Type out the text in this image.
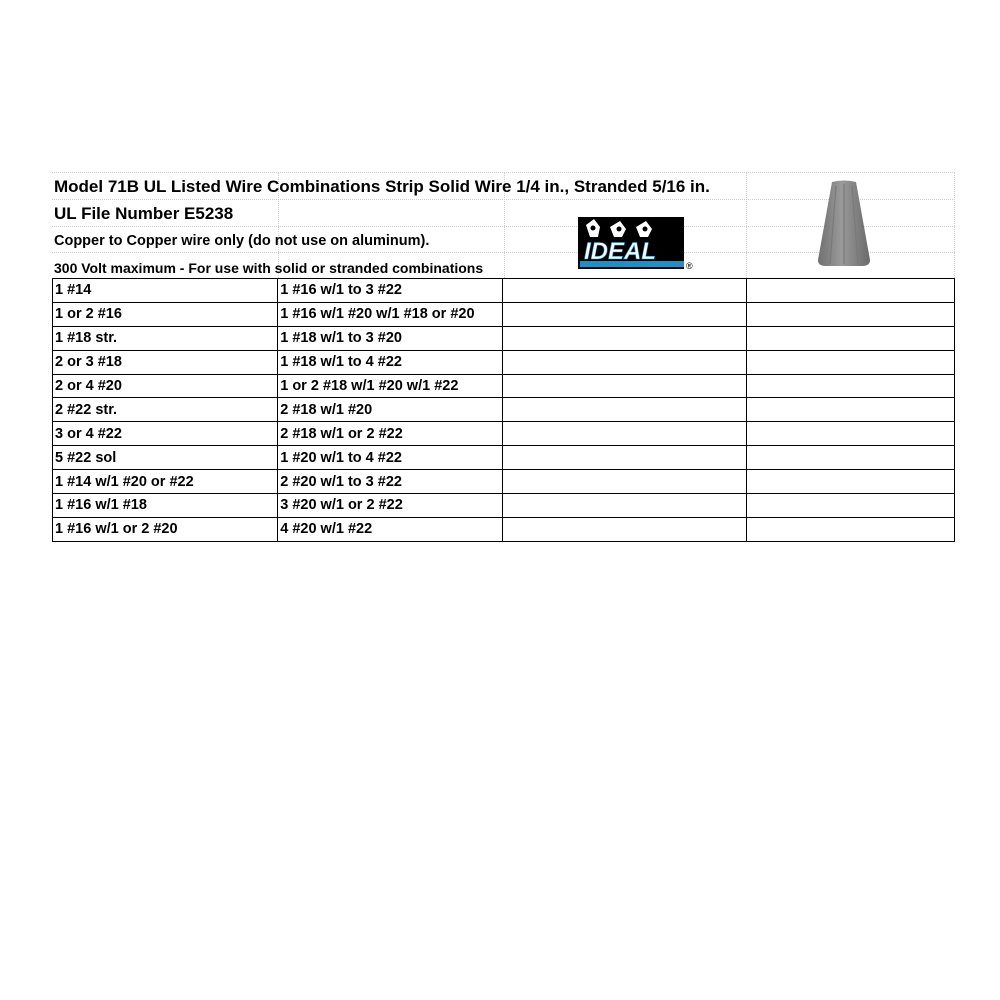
Model 71B UL Listed Wire Combinations Strip Solid Wire 1/4 in., Stranded 5/16 in.
UL File Number E5238
Copper to Copper wire only (do not use on aluminum).
300 Volt maximum - For use with solid or stranded combinations
IDEAL
®
1 #14	1 #16 w/1 to 3 #22		
1 or 2 #16	1 #16 w/1 #20 w/1 #18 or #20		
1 #18 str.	1 #18 w/1 to 3 #20		
2 or 3 #18	1 #18 w/1 to 4 #22		
2 or 4 #20	1 or 2 #18 w/1 #20 w/1 #22		
2 #22 str.	2 #18 w/1 #20		
3 or 4 #22	2 #18 w/1 or 2 #22		
5 #22 sol	1 #20 w/1 to 4 #22		
1 #14 w/1 #20 or #22	2 #20 w/1 to 3 #22		
1 #16 w/1 #18	3 #20 w/1 or 2 #22		
1 #16 w/1 or 2 #20	4 #20 w/1 #22		
